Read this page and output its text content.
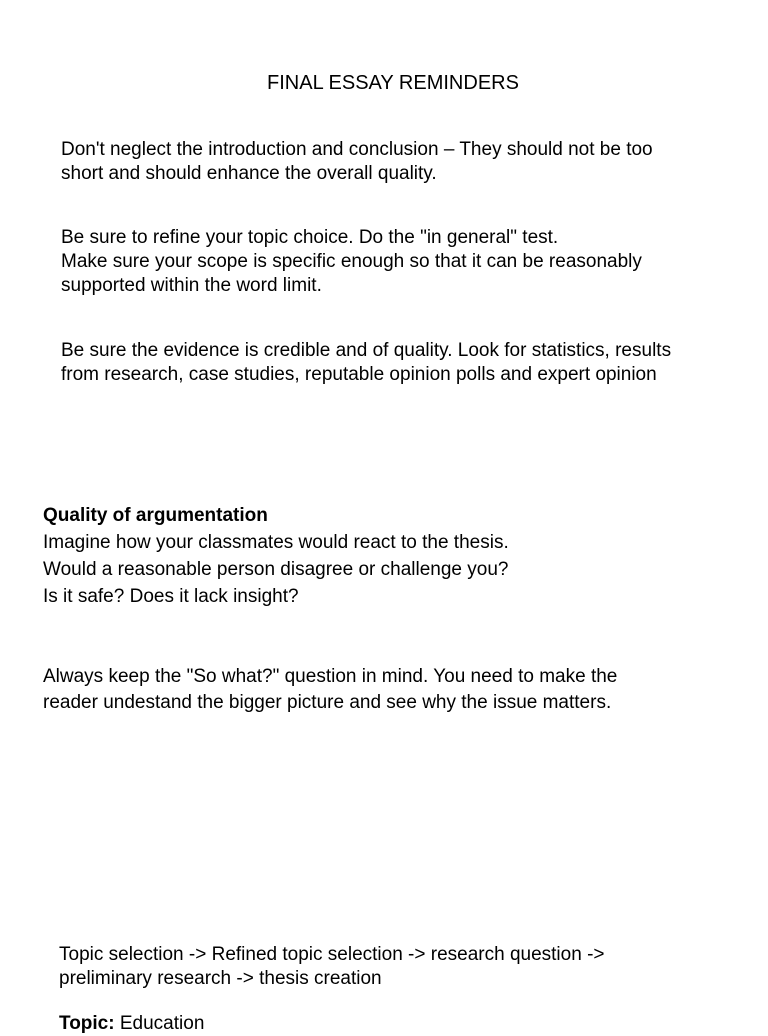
FINAL ESSAY REMINDERS
Don't neglect the introduction and conclusion – They should not be too
short and should enhance the overall quality.
Be sure to refine your topic choice. Do the "in general" test.
Make sure your scope is specific enough so that it can be reasonably
supported within the word limit.
Be sure the evidence is credible and of quality. Look for statistics, results
from research, case studies, reputable opinion polls and expert opinion
Quality of argumentation
Imagine how your classmates would react to the thesis.
Would a reasonable person disagree or challenge you?
Is it safe? Does it lack insight?
Always keep the "So what?" question in mind. You need to make the
reader undestand the bigger picture and see why the issue matters.
Topic selection -> Refined topic selection -> research question ->
preliminary research -> thesis creation
Topic: Education
